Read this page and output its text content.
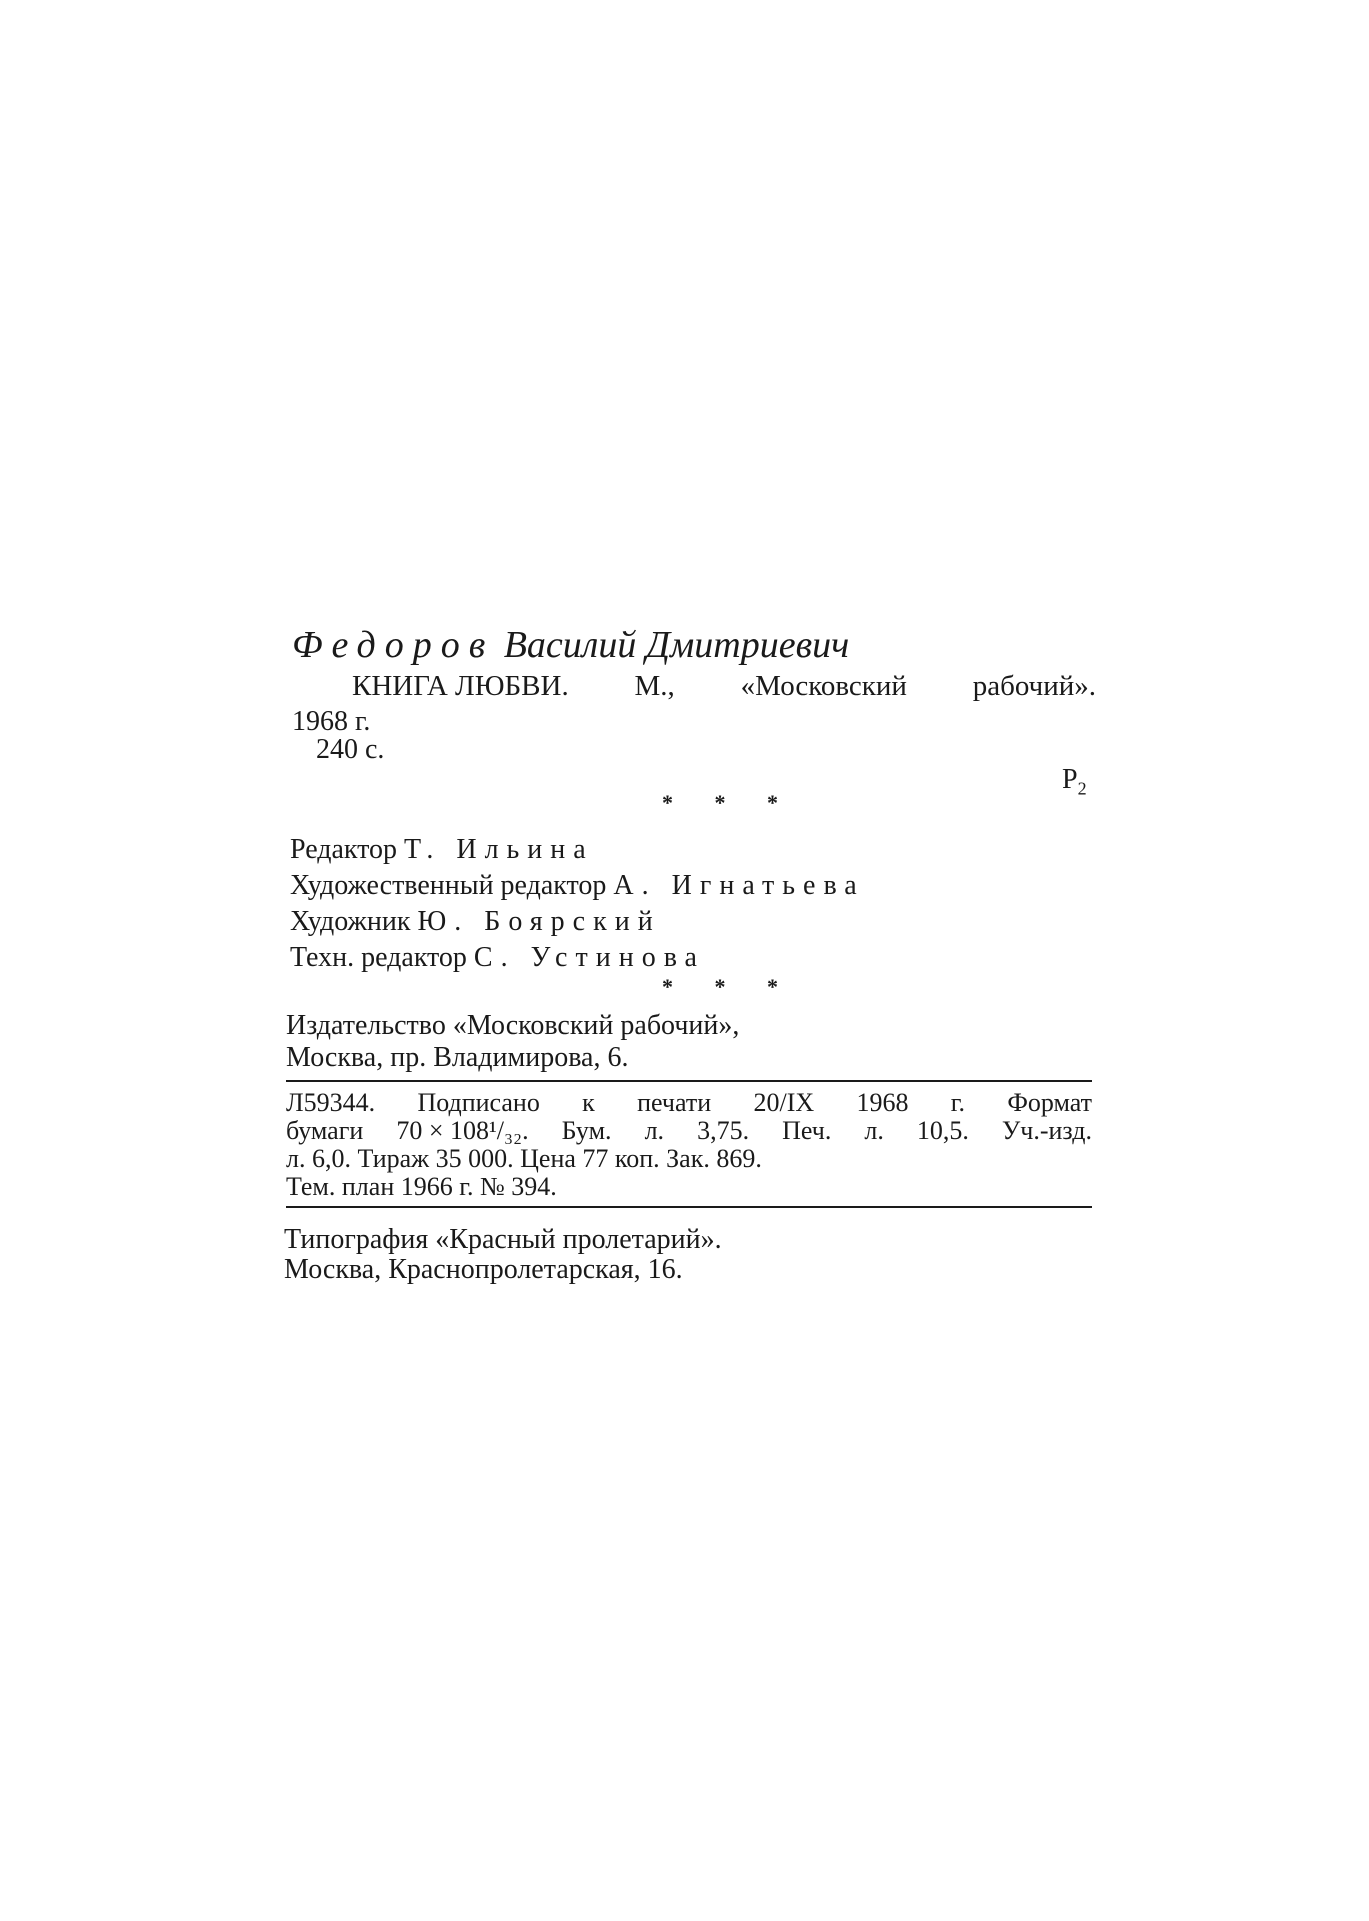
Федоров Василий Дмитриевич
КНИГА ЛЮБВИ. М., «Московский рабочий».
1968 г.
240 с.
$Р_2$
* * *
Редактор Т. Ильина
Художественный редактор А. Игнатьева
Художник Ю. Боярский
Техн. редактор С. Устинова
* * *
Издательство «Московский рабочий»,
Москва, пр. Владимирова, 6.
Л59344. Подписано к печати 20/IX 1968 г. Формат
бумаги 70 × 108¹/₃₂. Бум. л. 3,75. Печ. л. 10,5. Уч.-изд.
л. 6,0. Тираж 35 000. Цена 77 коп. Зак. 869.
Тем. план 1966 г. № 394.
Типография «Красный пролетарий».
Москва, Краснопролетарская, 16.
